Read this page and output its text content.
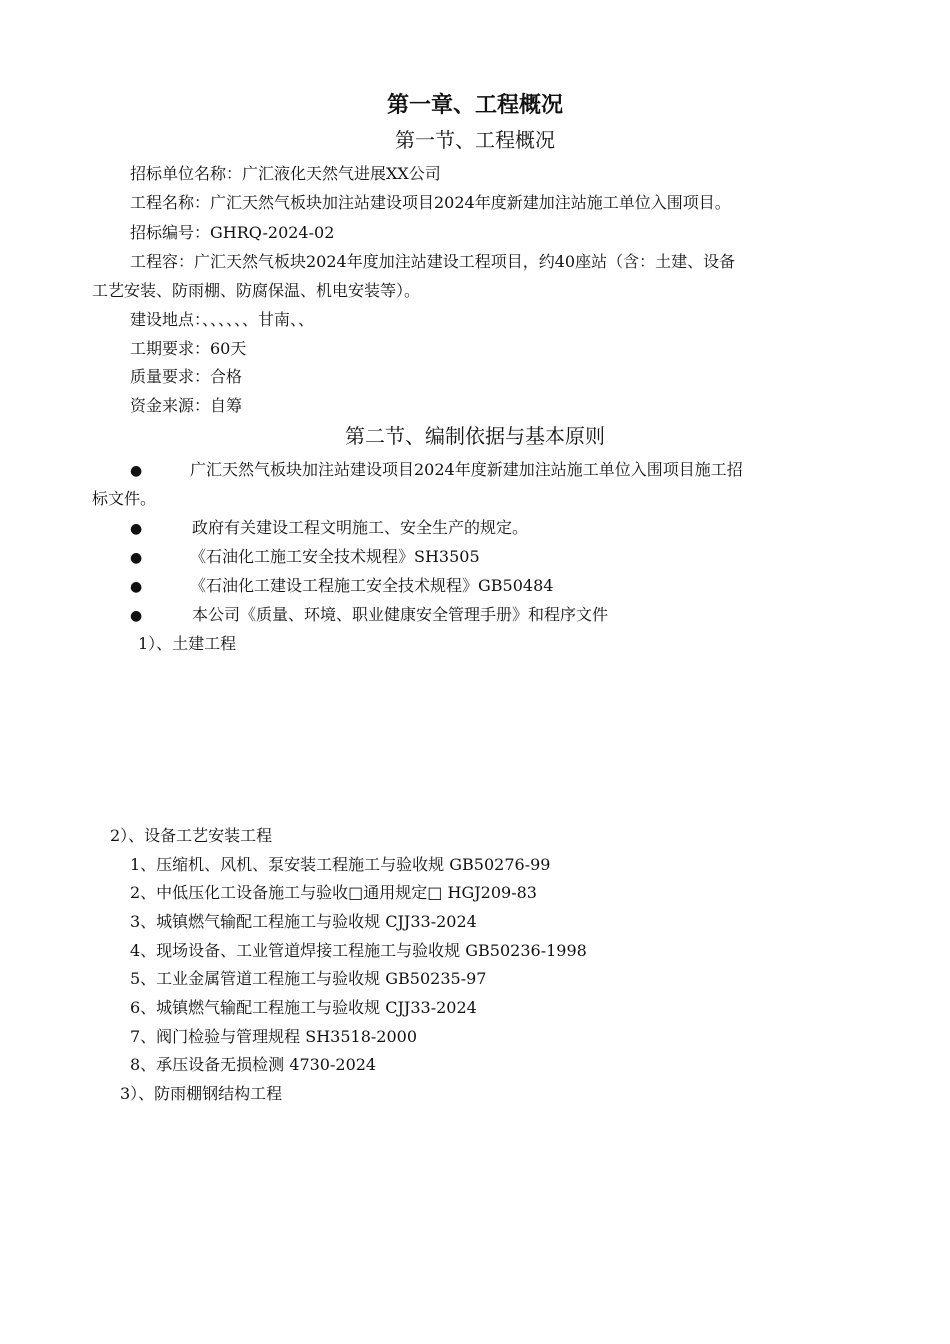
第一章、工程概况
第一节、工程概况
招标单位名称：广汇液化天然气进展XX公司
工程名称：广汇天然气板块加注站建设项目2024年度新建加注站施工单位入围项目。
招标编号：GHRQ-2024-02
工程容：广汇天然气板块2024年度加注站建设工程项目，约40座站（含：土建、设备
工艺安装、防雨棚、防腐保温、机电安装等）。
建设地点：、、、、、、甘南、、
工期要求：60天
质量要求：合格
资金来源：自筹
第二节、编制依据与基本原则
●	广汇天然气板块加注站建设项目2024年度新建加注站施工单位入围项目施工招
标文件。
●	政府有关建设工程文明施工、安全生产的规定。
●	《石油化工施工安全技术规程》SH3505
●	《石油化工建设工程施工安全技术规程》GB50484
●	本公司《质量、环境、职业健康安全管理手册》和程序文件
1）、土建工程
2）、设备工艺安装工程
1、压缩机、风机、泵安装工程施工与验收规 GB50276-99
2、中低压化工设备施工与验收□通用规定□ HGJ209-83
3、城镇燃气输配工程施工与验收规 CJJ33-2024
4、现场设备、工业管道焊接工程施工与验收规 GB50236-1998
5、工业金属管道工程施工与验收规 GB50235-97
6、城镇燃气输配工程施工与验收规 CJJ33-2024
7、阀门检验与管理规程 SH3518-2000
8、承压设备无损检测 4730-2024
3）、防雨棚钢结构工程
